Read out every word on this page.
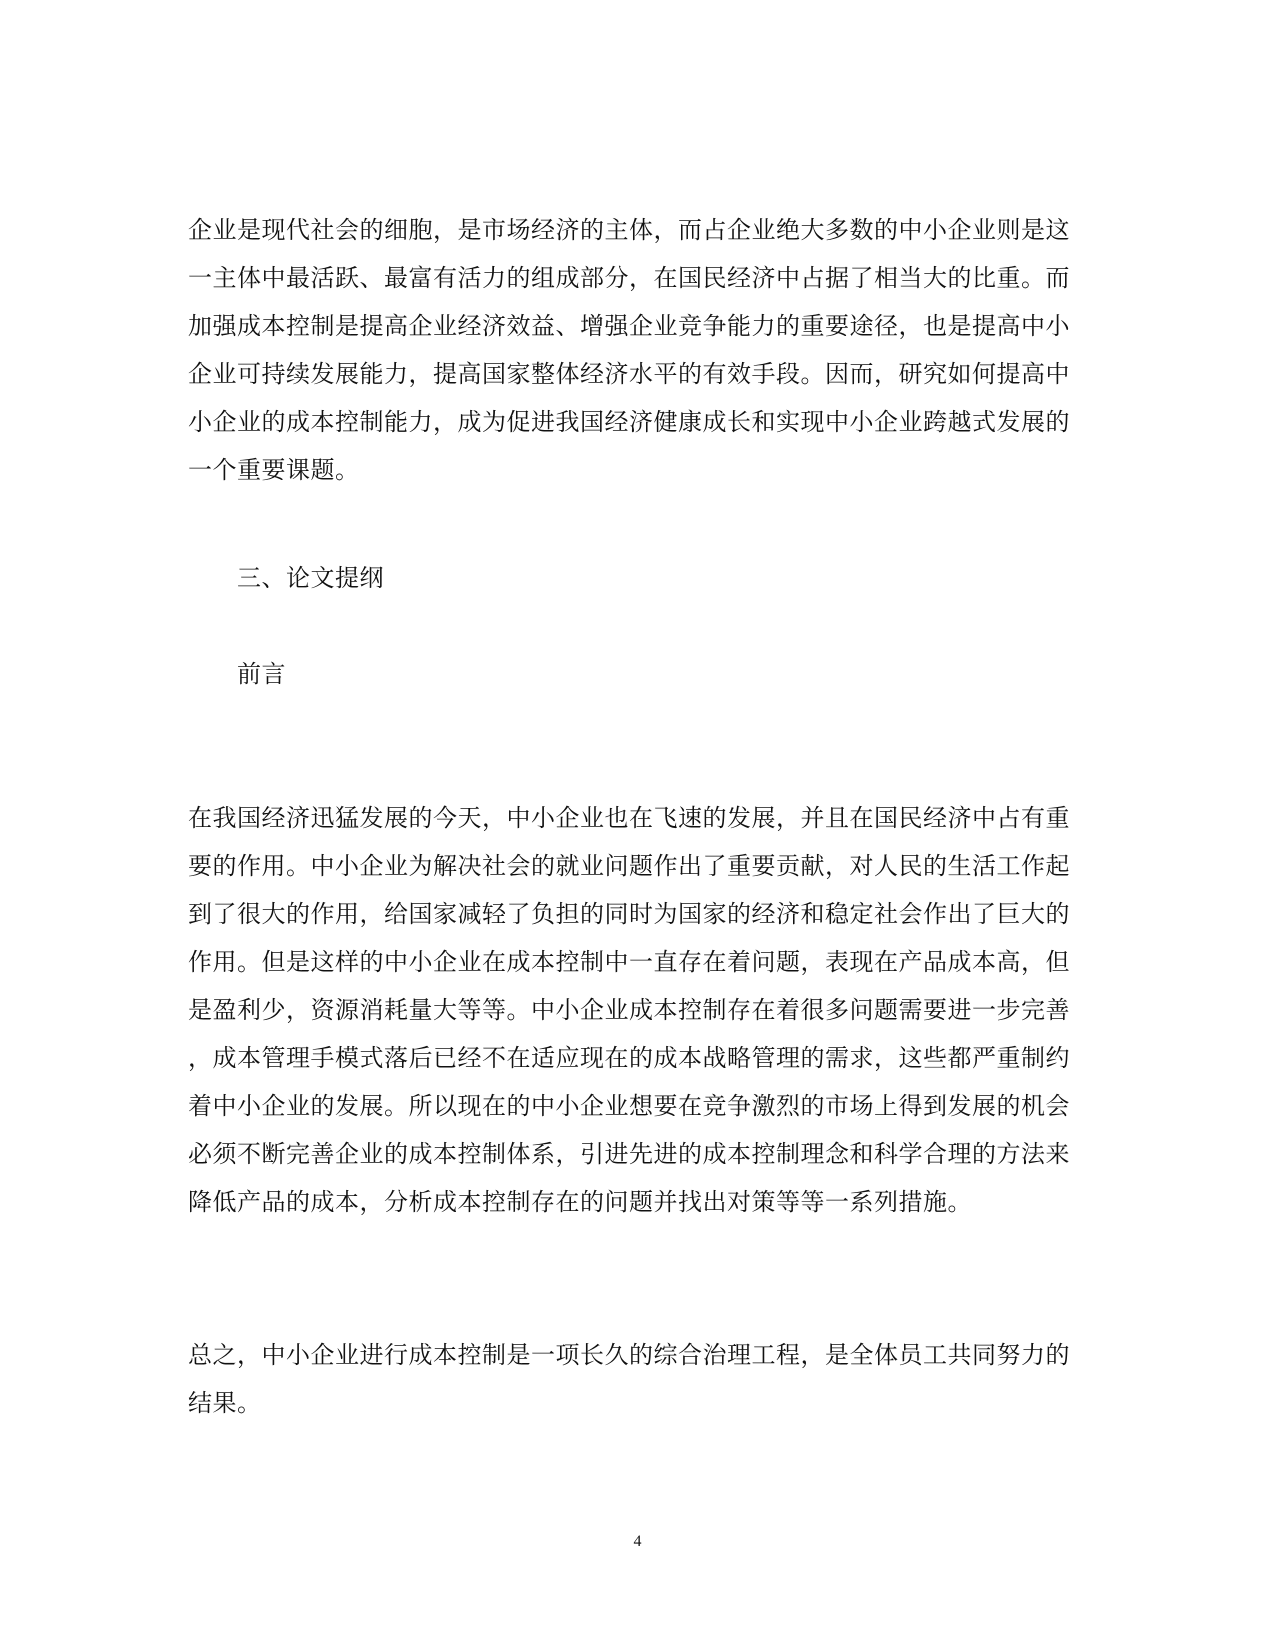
企业是现代社会的细胞，是市场经济的主体，而占企业绝大多数的中小企业则是这
一主体中最活跃、最富有活力的组成部分，在国民经济中占据了相当大的比重。而
加强成本控制是提高企业经济效益、增强企业竞争能力的重要途径，也是提高中小
企业可持续发展能力，提高国家整体经济水平的有效手段。因而，研究如何提高中
小企业的成本控制能力，成为促进我国经济健康成长和实现中小企业跨越式发展的
一个重要课题。

三、论文提纲

前言

在我国经济迅猛发展的今天，中小企业也在飞速的发展，并且在国民经济中占有重
要的作用。中小企业为解决社会的就业问题作出了重要贡献，对人民的生活工作起
到了很大的作用，给国家减轻了负担的同时为国家的经济和稳定社会作出了巨大的
作用。但是这样的中小企业在成本控制中一直存在着问题，表现在产品成本高，但
是盈利少，资源消耗量大等等。中小企业成本控制存在着很多问题需要进一步完善
，成本管理手模式落后已经不在适应现在的成本战略管理的需求，这些都严重制约
着中小企业的发展。所以现在的中小企业想要在竞争激烈的市场上得到发展的机会
必须不断完善企业的成本控制体系，引进先进的成本控制理念和科学合理的方法来
降低产品的成本，分析成本控制存在的问题并找出对策等等一系列措施。

总之，中小企业进行成本控制是一项长久的综合治理工程，是全体员工共同努力的
结果。

4
